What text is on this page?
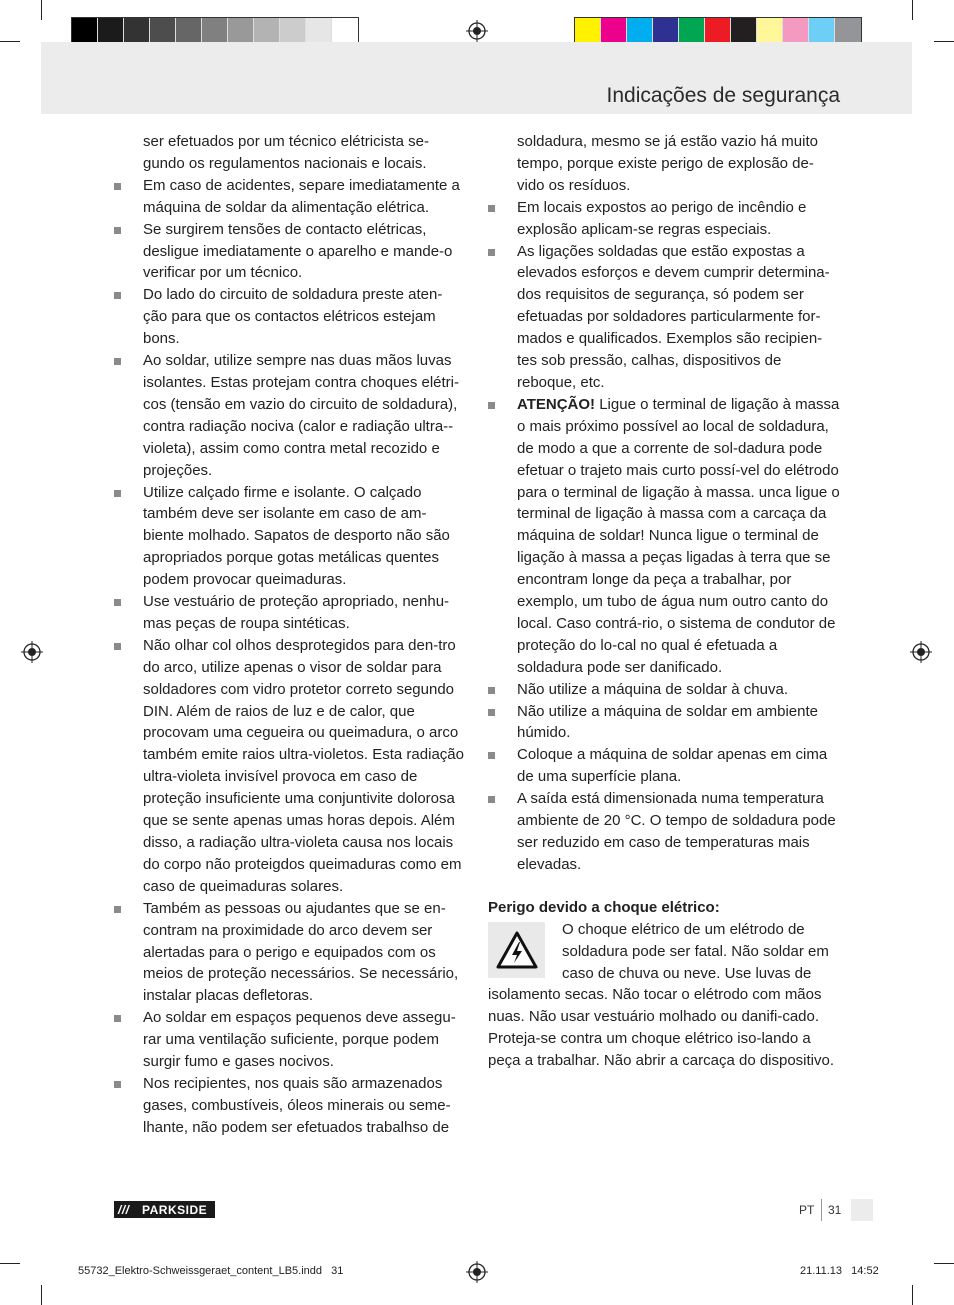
Indicações de segurança

ser efetuados por um técnico elétricista se-gundo os regulamentos nacionais e locais.

Em caso de acidentes, separe imediatamente a máquina de soldar da alimentação elétrica.

Se surgirem tensões de contacto elétricas, desligue imediatamente o aparelho e mande-o verificar por um técnico.

Do lado do circuito de soldadura preste aten-ção para que os contactos elétricos estejam bons.

Ao soldar, utilize sempre nas duas mãos luvas isolantes. Estas protejam contra choques elétri-cos (tensão em vazio do circuito de soldadura), contra radiação nociva (calor e radiação ultra--violeta), assim como contra metal recozido e projeções.

Utilize calçado firme e isolante. O calçado também deve ser isolante em caso de am-biente molhado. Sapatos de desporto não são apropriados porque gotas metálicas quentes podem provocar queimaduras.

Use vestuário de proteção apropriado, nenhu-mas peças de roupa sintéticas.

Não olhar col olhos desprotegidos para den-tro do arco, utilize apenas o visor de soldar para soldadores com vidro protetor correto segundo DIN. Além de raios de luz e de calor, que procovam uma cegueira ou queimadura, o arco também emite raios ultra-violetos. Esta radiação ultra-violeta invisível provoca em caso de proteção insuficiente uma conjuntivite dolorosa que se sente apenas umas horas depois. Além disso, a radiação ultra-violeta causa nos locais do corpo não proteigdos queimaduras como em caso de queimaduras solares.

Também as pessoas ou ajudantes que se en-contram na proximidade do arco devem ser alertadas para o perigo e equipados com os meios de proteção necessários. Se necessário, instalar placas defletoras.

Ao soldar em espaços pequenos deve assegu-rar uma ventilação suficiente, porque podem surgir fumo e gases nocivos.

Nos recipientes, nos quais são armazenados gases, combustíveis, óleos minerais ou seme-lhante, não podem ser efetuados trabalhso de

soldadura, mesmo se já estão vazio há muito tempo, porque existe perigo de explosão de-vido os resíduos.

Em locais expostos ao perigo de incêndio e explosão aplicam-se regras especiais.

As ligações soldadas que estão expostas a elevados esforços e devem cumprir determina-dos requisitos de segurança, só podem ser efetuadas por soldadores particularmente for-mados e qualificados. Exemplos são recipien-tes sob pressão, calhas, dispositivos de reboque, etc.

ATENÇÃO! Ligue o terminal de ligação à massa o mais próximo possível ao local de soldadura, de modo a que a corrente de sol-dadura pode efetuar o trajeto mais curto possí-vel do elétrodo para o terminal de ligação à massa. unca ligue o terminal de ligação à massa com a carcaça da máquina de soldar! Nunca ligue o terminal de ligação à massa a peças ligadas à terra que se encontram longe da peça a trabalhar, por exemplo, um tubo de água num outro canto do local. Caso contrá-rio, o sistema de condutor de proteção do lo-cal no qual é efetuada a soldadura pode ser danificado.

Não utilize a máquina de soldar à chuva.

Não utilize a máquina de soldar em ambiente húmido.

Coloque a máquina de soldar apenas em cima de uma superfície plana.

A saída está dimensionada numa temperatura ambiente de 20 °C. O tempo de soldadura pode ser reduzido em caso de temperaturas mais elevadas.

Perigo devido a choque elétrico:

O choque elétrico de um elétrodo de soldadura pode ser fatal. Não soldar em caso de chuva ou neve. Use luvas de isolamento secas. Não tocar o elétrodo com mãos nuas. Não usar vestuário molhado ou danifi-cado. Proteja-se contra um choque elétrico iso-lando a peça a trabalhar. Não abrir a carcaça do dispositivo.
///	PARKSIDE	PT 31
55732_Elektro-Schweissgeraet_content_LB5.indd   31	21.11.13   14:52
